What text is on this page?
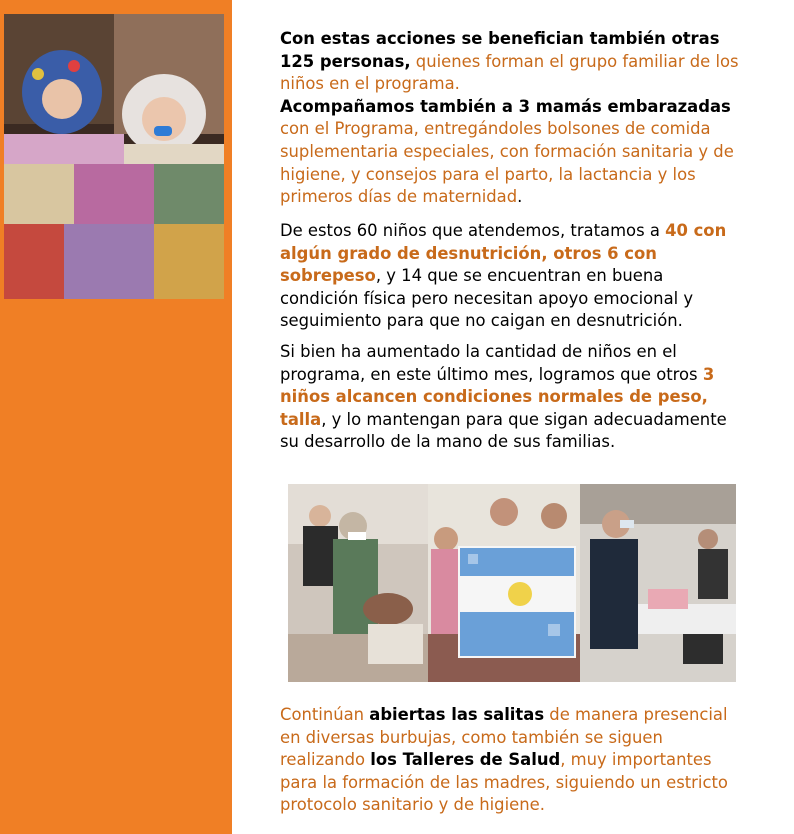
Con estas acciones se benefician también otras 125 personas, quienes forman el grupo familiar de los niños en el programa.
Acompañamos también a 3 mamás embarazadas con el Programa, entregándoles bolsones de comida suplementaria especiales, con formación sanitaria y de higiene, y consejos para el parto, la lactancia y los primeros días de maternidad.

De estos 60 niños que atendemos, tratamos a 40 con algún grado de desnutrición, otros 6 con sobrepeso, y 14 que se encuentran en buena condición física pero necesitan apoyo emocional y seguimiento para que no caigan en desnutrición.

Si bien ha aumentado la cantidad de niños en el programa, en este último mes, logramos que otros 3 niños alcancen condiciones normales de peso, talla, y lo mantengan para que sigan adecuadamente su desarrollo de la mano de sus familias.

Continúan abiertas las salitas de manera presencial en diversas burbujas, como también se siguen realizando los Talleres de Salud, muy importantes para la formación de las madres, siguiendo un estricto protocolo sanitario y de higiene.
